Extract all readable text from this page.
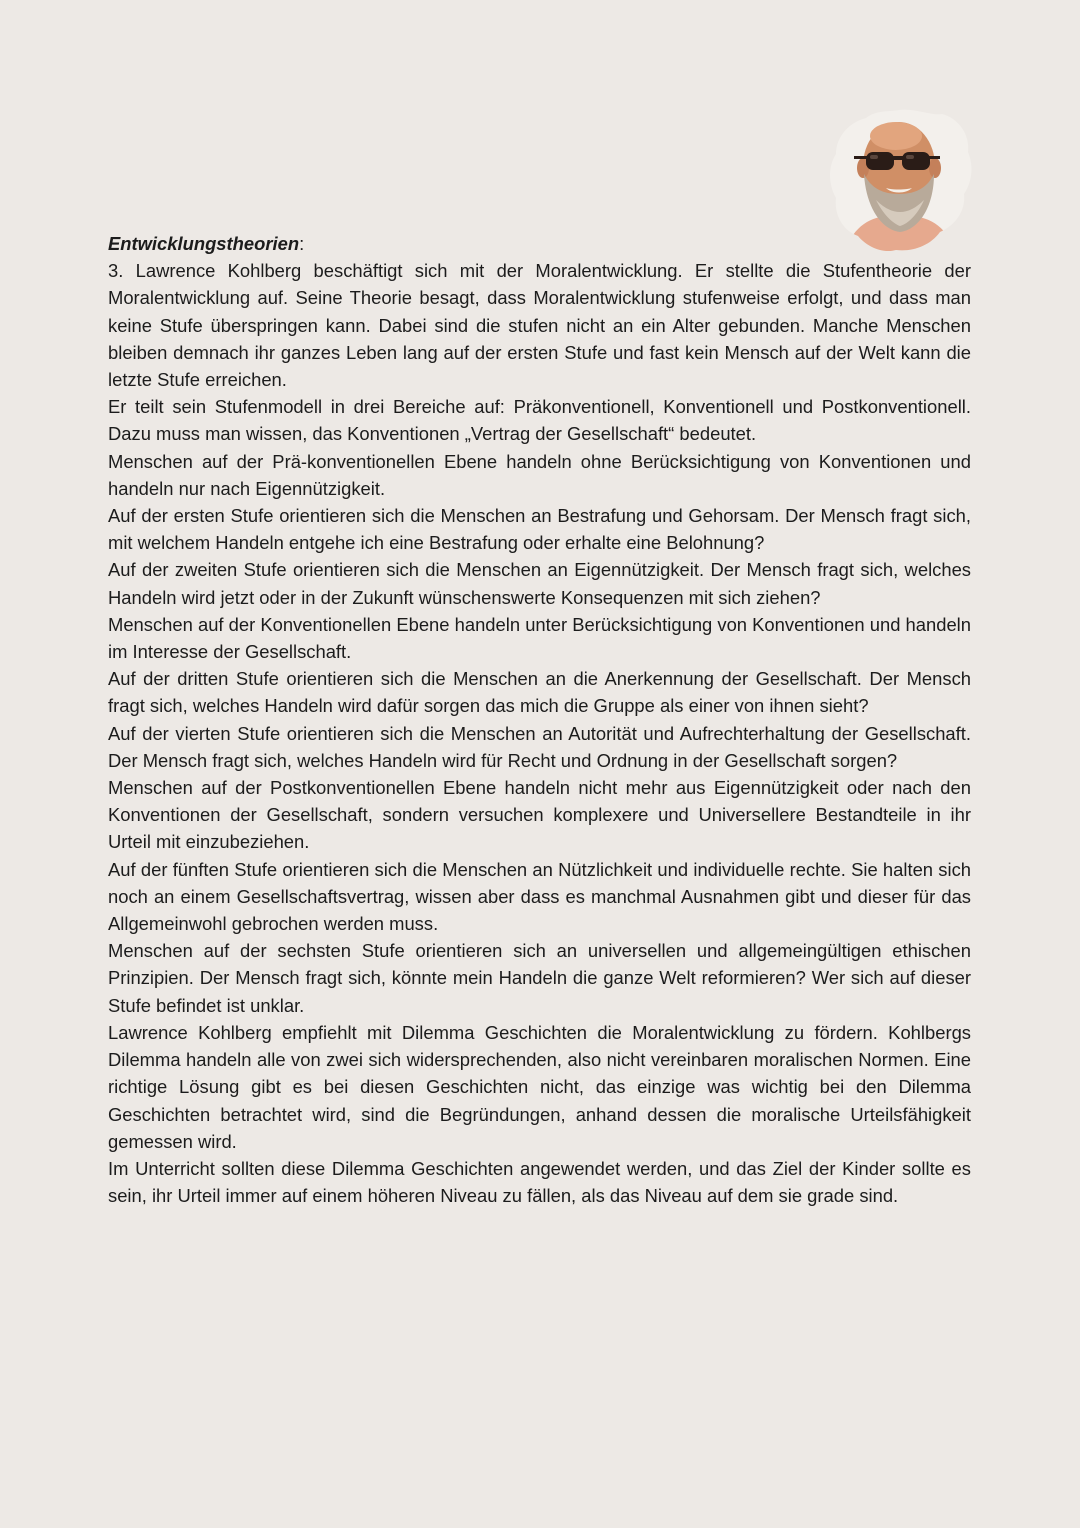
Entwicklungstheorien:

3. Lawrence Kohlberg beschäftigt sich mit der Moralentwicklung. Er stellte die Stufentheorie der Moralentwicklung auf. Seine Theorie besagt, dass Moralentwicklung stufenweise erfolgt, und dass man keine Stufe überspringen kann. Dabei sind die stufen nicht an ein Alter gebunden. Manche Menschen bleiben demnach ihr ganzes Leben lang auf der ersten Stufe und fast kein Mensch auf der Welt kann die letzte Stufe erreichen.

Er teilt sein Stufenmodell in drei Bereiche auf: Präkonventionell, Konventionell und Postkonventionell. Dazu muss man wissen, das Konventionen „Vertrag der Gesellschaft“ bedeutet.

Menschen auf der Prä-konventionellen Ebene handeln ohne Berücksichtigung von Konventionen und handeln nur nach Eigennützigkeit.

Auf der ersten Stufe orientieren sich die Menschen an Bestrafung und Gehorsam. Der Mensch fragt sich, mit welchem Handeln entgehe ich eine Bestrafung oder erhalte eine Belohnung?

Auf der zweiten Stufe orientieren sich die Menschen an Eigennützigkeit. Der Mensch fragt sich, welches Handeln wird jetzt oder in der Zukunft wünschenswerte Konsequenzen mit sich ziehen?

Menschen auf der Konventionellen Ebene handeln unter Berücksichtigung von Konventionen und handeln im Interesse der Gesellschaft.

Auf der dritten Stufe orientieren sich die Menschen an die Anerkennung der Gesellschaft. Der Mensch fragt sich, welches Handeln wird dafür sorgen das mich die Gruppe als einer von ihnen sieht?

Auf der vierten Stufe orientieren sich die Menschen an Autorität und Aufrechterhaltung der Gesellschaft. Der Mensch fragt sich, welches Handeln wird für Recht und Ordnung in der Gesellschaft sorgen?

Menschen auf der Postkonventionellen Ebene handeln nicht mehr aus Eigennützigkeit oder nach den Konventionen der Gesellschaft, sondern versuchen komplexere und Universellere Bestandteile in ihr Urteil mit einzubeziehen.

Auf der fünften Stufe orientieren sich die Menschen an Nützlichkeit und individuelle rechte. Sie halten sich noch an einem Gesellschaftsvertrag, wissen aber dass es manchmal Ausnahmen gibt und dieser für das Allgemeinwohl gebrochen werden muss.

Menschen auf der sechsten Stufe orientieren sich an universellen und allgemeingültigen ethischen Prinzipien. Der Mensch fragt sich, könnte mein Handeln die ganze Welt reformieren? Wer sich auf dieser Stufe befindet ist unklar.

Lawrence Kohlberg empfiehlt mit Dilemma Geschichten die Moralentwicklung zu fördern. Kohlbergs Dilemma handeln alle von zwei sich widersprechenden, also nicht vereinbaren moralischen Normen. Eine richtige Lösung gibt es bei diesen Geschichten nicht, das einzige was wichtig bei den Dilemma Geschichten betrachtet wird, sind die Begründungen, anhand dessen die moralische Urteilsfähigkeit gemessen wird.

Im Unterricht sollten diese Dilemma Geschichten angewendet werden, und das Ziel der Kinder sollte es sein, ihr Urteil immer auf einem höheren Niveau zu fällen, als das Niveau auf dem sie grade sind.
